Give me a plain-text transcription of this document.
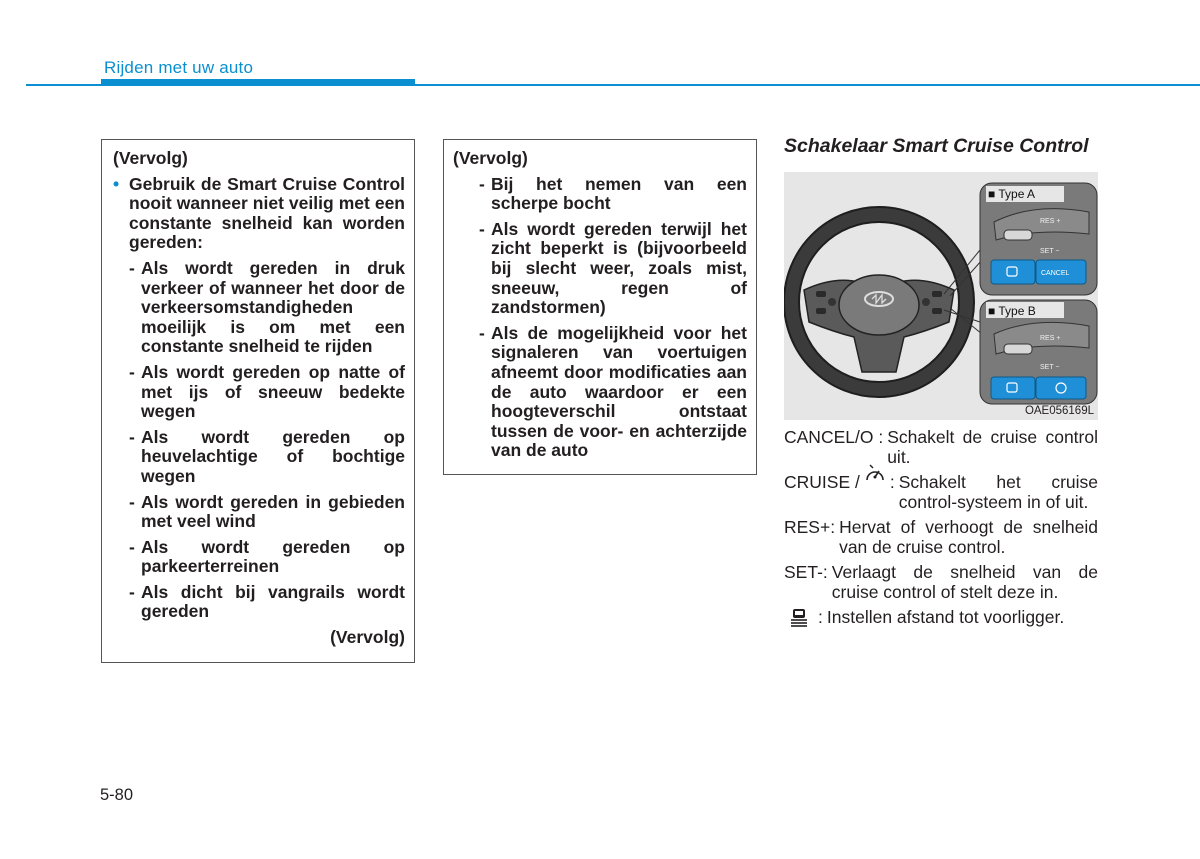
Rijden met uw auto

(Vervolg)

• Gebruik de Smart Cruise Control nooit wanneer niet veilig met een constante snelheid kan worden gereden:

- Als wordt gereden in druk verkeer of wanneer het door de verkeersomstandigheden moeilijk is om met een constante snelheid te rijden

- Als wordt gereden op natte of met ijs of sneeuw bedekte wegen

- Als wordt gereden op heuvelachtige of bochtige wegen

- Als wordt gereden in gebieden met veel wind

- Als wordt gereden op parkeerterreinen

- Als dicht bij vangrails wordt gereden

(Vervolg)

(Vervolg)

- Bij het nemen van een scherpe bocht

- Als wordt gereden terwijl het zicht beperkt is (bijvoorbeeld bij slecht weer, zoals mist, sneeuw, regen of zandstormen)

- Als de mogelijkheid voor het signaleren van voertuigen afneemt door modificaties aan de auto waardoor er een hoogteverschil ontstaat tussen de voor- en achterzijde van de auto

Schakelaar Smart Cruise Control
■ Type A
RES +
SET −
CANCEL
■ Type B
RES +
SET −
OAE056169L
CANCEL/O : Schakelt de cruise control uit.
CRUISE / : Schakelt het cruise control-systeem in of uit.
RES+: Hervat of verhoogt de snelheid van de cruise control.
SET-: Verlaagt de snelheid van de cruise control of stelt deze in.
: Instellen afstand tot voorligger.
5-80
